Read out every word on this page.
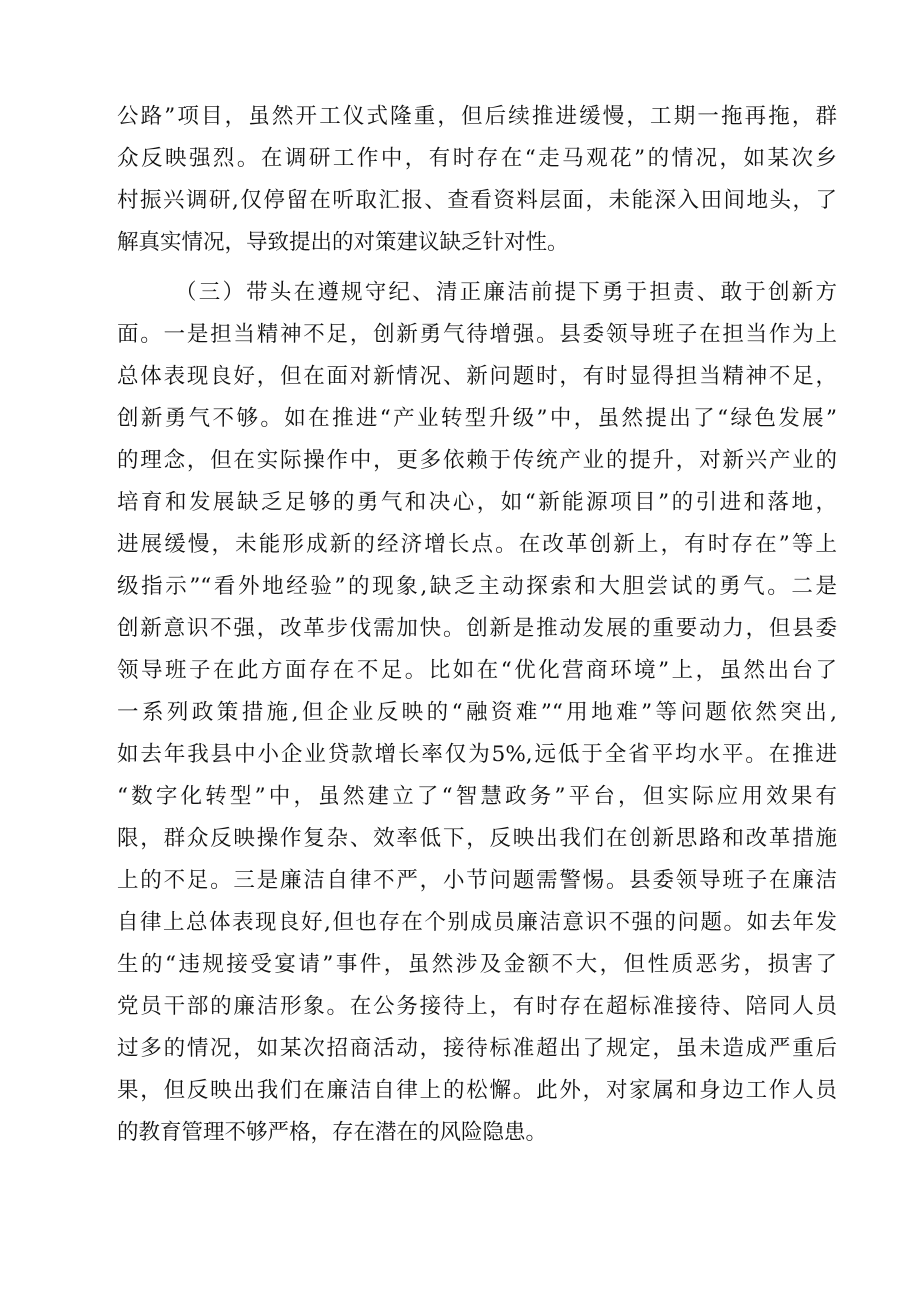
公路”项目，虽然开工仪式隆重，但后续推进缓慢，工期一拖再拖，群
众反映强烈。在调研工作中，有时存在“走马观花”的情况，如某次乡
村振兴调研,仅停留在听取汇报、查看资料层面，未能深入田间地头，了
解真实情况，导致提出的对策建议缺乏针对性。
（三）带头在遵规守纪、清正廉洁前提下勇于担责、敢于创新方
面。一是担当精神不足，创新勇气待增强。县委领导班子在担当作为上
总体表现良好，但在面对新情况、新问题时，有时显得担当精神不足，
创新勇气不够。如在推进“产业转型升级”中，虽然提出了“绿色发展”
的理念，但在实际操作中，更多依赖于传统产业的提升，对新兴产业的
培育和发展缺乏足够的勇气和决心，如“新能源项目”的引进和落地，
进展缓慢，未能形成新的经济增长点。在改革创新上，有时存在”等上
级指示”“看外地经验”的现象,缺乏主动探索和大胆尝试的勇气。二是
创新意识不强，改革步伐需加快。创新是推动发展的重要动力，但县委
领导班子在此方面存在不足。比如在“优化营商环境”上，虽然出台了
一系列政策措施,但企业反映的“融资难”“用地难”等问题依然突出,
如去年我县中小企业贷款增长率仅为5%,远低于全省平均水平。在推进
“数字化转型”中，虽然建立了“智慧政务”平台，但实际应用效果有
限，群众反映操作复杂、效率低下，反映出我们在创新思路和改革措施
上的不足。三是廉洁自律不严，小节问题需警惕。县委领导班子在廉洁
自律上总体表现良好,但也存在个别成员廉洁意识不强的问题。如去年发
生的“违规接受宴请”事件，虽然涉及金额不大，但性质恶劣，损害了
党员干部的廉洁形象。在公务接待上，有时存在超标准接待、陪同人员
过多的情况，如某次招商活动，接待标准超出了规定，虽未造成严重后
果，但反映出我们在廉洁自律上的松懈。此外，对家属和身边工作人员
的教育管理不够严格，存在潜在的风险隐患。
